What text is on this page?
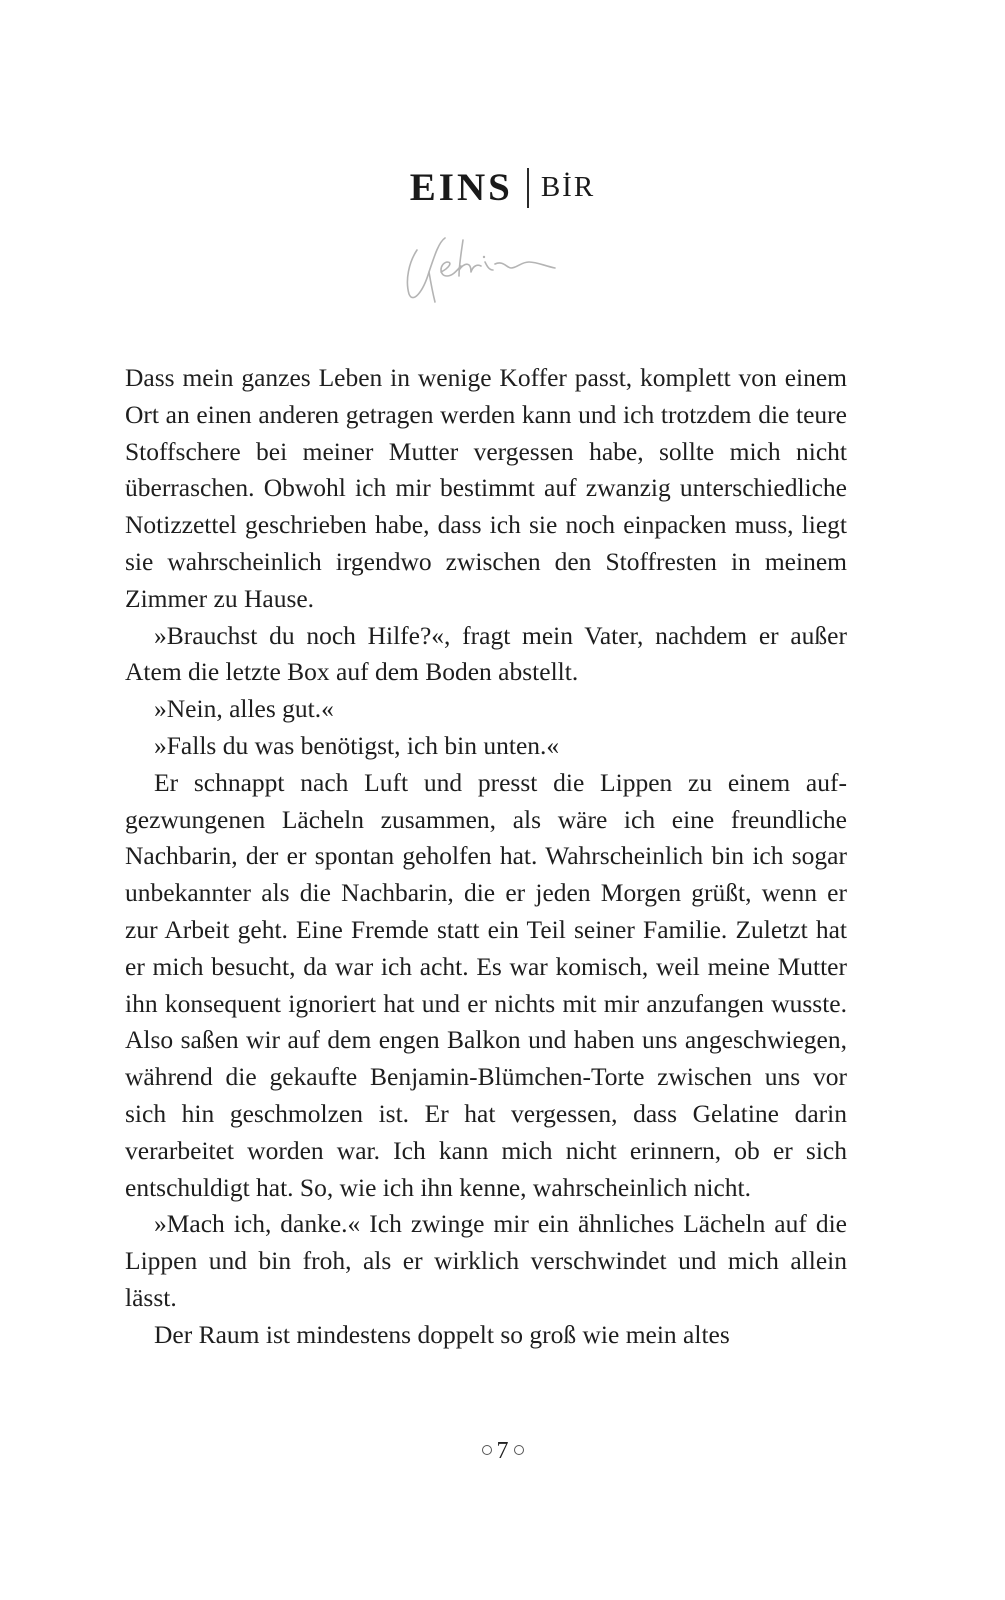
EINS BİR

Dass mein ganzes Leben in wenige Koffer passt, komplett von einem Ort an einen anderen getragen werden kann und ich trotzdem die teure Stoffschere bei meiner Mutter vergessen habe, sollte mich nicht überraschen. Obwohl ich mir bestimmt auf zwanzig unterschiedliche Notizzettel geschrieben habe, dass ich sie noch einpacken muss, liegt sie wahrscheinlich irgendwo zwischen den Stoffresten in meinem Zimmer zu Hause.

»Brauchst du noch Hilfe?«, fragt mein Vater, nachdem er außer Atem die letzte Box auf dem Boden abstellt.

»Nein, alles gut.«

»Falls du was benötigst, ich bin unten.«

Er schnappt nach Luft und presst die Lippen zu einem aufgezwungenen Lächeln zusammen, als wäre ich eine freundliche Nachbarin, der er spontan geholfen hat. Wahrscheinlich bin ich sogar unbekannter als die Nachbarin, die er jeden Morgen grüßt, wenn er zur Arbeit geht. Eine Fremde statt ein Teil seiner Familie. Zuletzt hat er mich besucht, da war ich acht. Es war komisch, weil meine Mutter ihn konsequent ignoriert hat und er nichts mit mir anzufangen wusste. Also saßen wir auf dem engen Balkon und haben uns angeschwiegen, während die gekaufte Benjamin-Blümchen-Torte zwischen uns vor sich hin geschmolzen ist. Er hat vergessen, dass Gelatine darin verarbeitet worden war. Ich kann mich nicht erinnern, ob er sich entschuldigt hat. So, wie ich ihn kenne, wahrscheinlich nicht.

»Mach ich, danke.« Ich zwinge mir ein ähnliches Lächeln auf die Lippen und bin froh, als er wirklich verschwindet und mich allein lässt.

Der Raum ist mindestens doppelt so groß wie mein altes

7
